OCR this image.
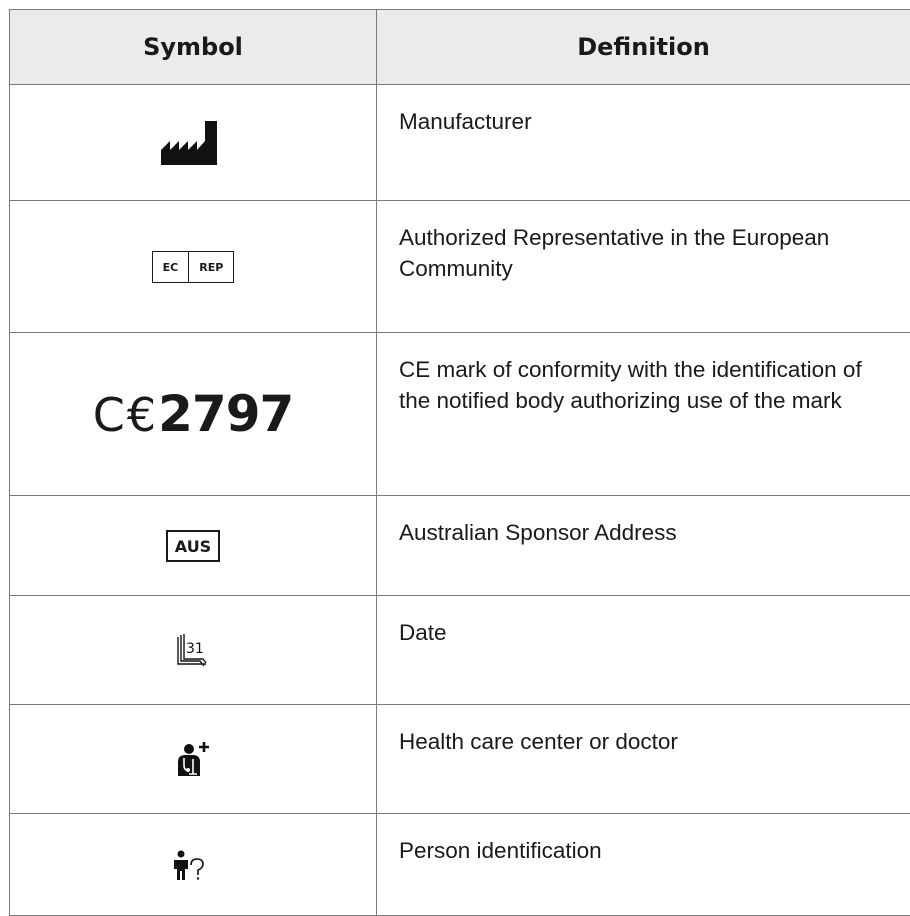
Symbol	Definition

	Manufacturer

EC REP	Authorized Representative in the European Community
C€2797	CE mark of conformity with the identification of the notified body authorizing use of the mark
AUS	Australian Sponsor Address

31	Date

	Health care center or doctor

	Person identification
